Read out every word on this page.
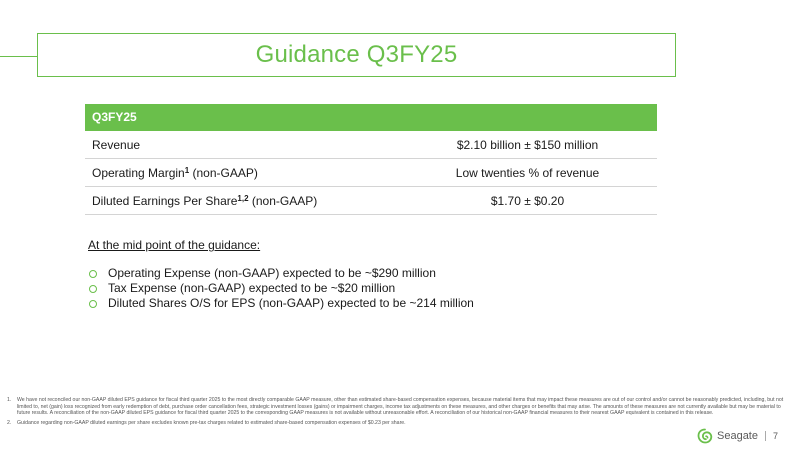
Guidance Q3FY25
Q3FY25
Revenue	$2.10 billion ± $150 million
Operating Margin$^1$ (non-GAAP)	Low twenties % of revenue
Diluted Earnings Per Share$^{1,2}$ (non-GAAP)	$1.70 ± $0.20
At the mid point of the guidance:
Operating Expense (non-GAAP) expected to be ~$290 million
Tax Expense (non-GAAP) expected to be ~$20 million
Diluted Shares O/S for EPS (non-GAAP) expected to be ~214 million
1.	We have not reconciled our non-GAAP diluted EPS guidance for fiscal third quarter 2025 to the most directly comparable GAAP measure, other than estimated share-based compensation expenses, because material items that may impact these measures are out of our control and/or cannot be reasonably predicted, including, but not limited to, net (gain) loss recognized from early redemption of debt, purchase order cancellation fees, strategic investment losses (gains) or impairment charges, income tax adjustments on these measures, and other charges or benefits that may arise. The amounts of these measures are not currently available but may be material to future results. A reconciliation of the non-GAAP diluted EPS guidance for fiscal third quarter 2025 to the corresponding GAAP measures is not available without unreasonable effort. A reconciliation of our historical non-GAAP financial measures to their nearest GAAP equivalent is contained in this release.
2.	Guidance regarding non-GAAP diluted earnings per share excludes known pre-tax charges related to estimated share-based compensation expenses of $0.23 per share.
Seagate 7
